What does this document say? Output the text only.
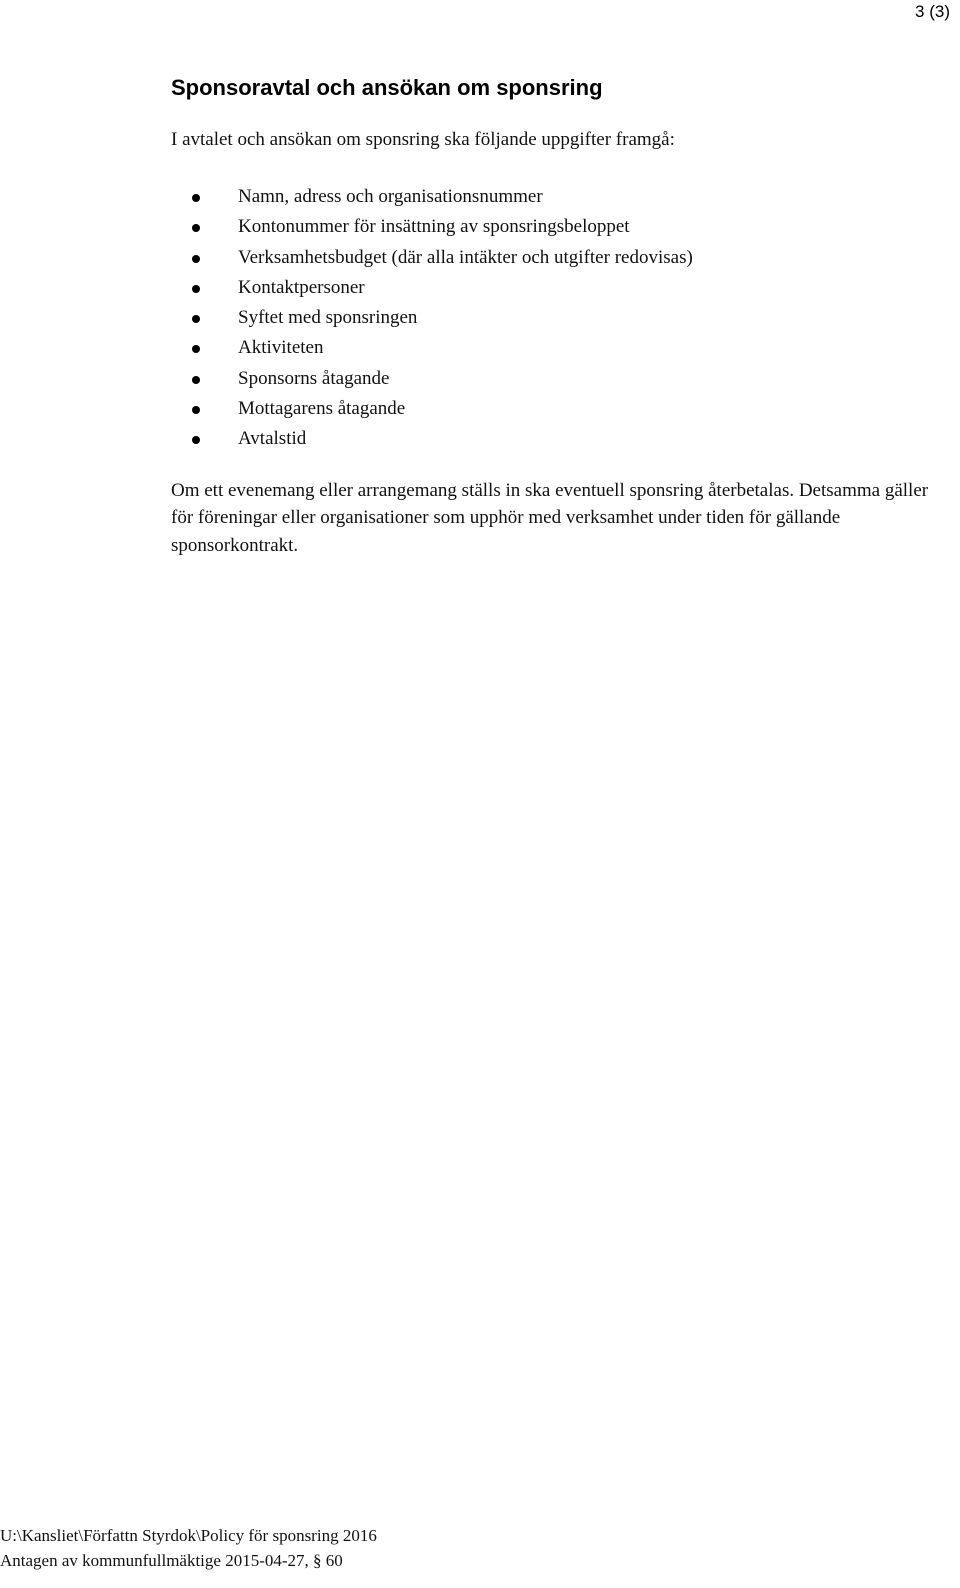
3 (3)
Sponsoravtal och ansökan om sponsring

I avtalet och ansökan om sponsring ska följande uppgifter framgå:

Namn, adress och organisationsnummer
Kontonummer för insättning av sponsringsbeloppet
Verksamhetsbudget (där alla intäkter och utgifter redovisas)
Kontaktpersoner
Syftet med sponsringen
Aktiviteten
Sponsorns åtagande
Mottagarens åtagande
Avtalstid

Om ett evenemang eller arrangemang ställs in ska eventuell sponsring återbetalas. Detsamma gäller för föreningar eller organisationer som upphör med verksamhet under tiden för gällande sponsorkontrakt.

U:\Kansliet\Författn Styrdok\Policy för sponsring 2016
Antagen av kommunfullmäktige 2015-04-27, § 60
